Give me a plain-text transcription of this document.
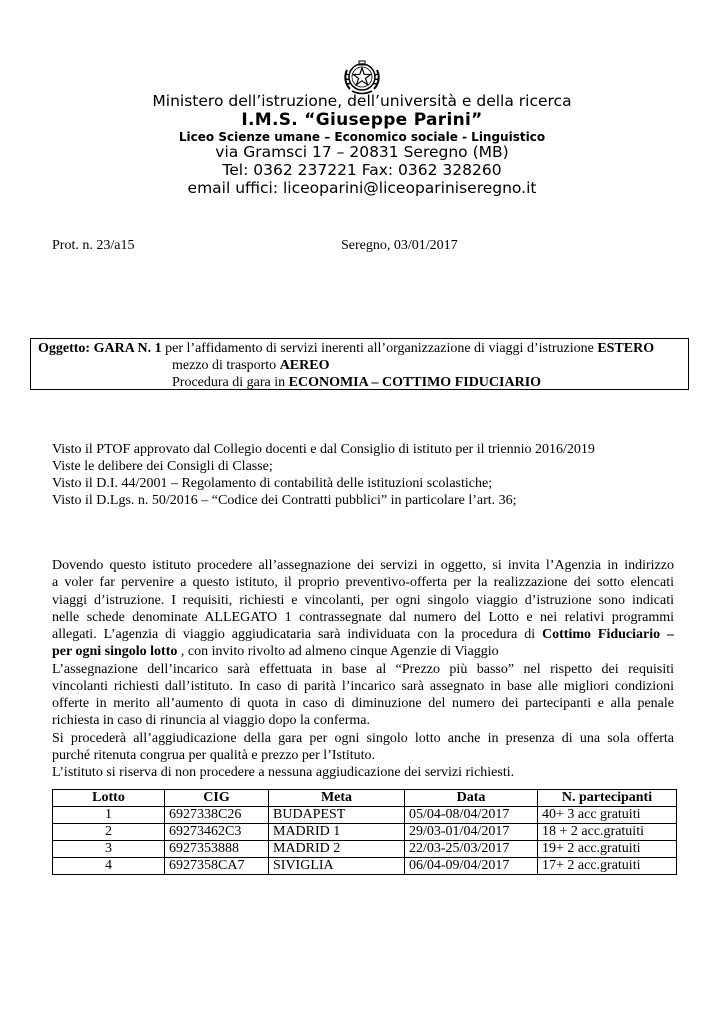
Ministero dell’istruzione, dell’università e della ricerca
I.M.S. “Giuseppe Parini”
Liceo Scienze umane – Economico sociale - Linguistico
via Gramsci 17 – 20831 Seregno (MB)
Tel: 0362 237221 Fax: 0362 328260
email uffici: liceoparini@liceopariniseregno.it
Prot. n. 23/a15	Seregno, 03/01/2017
Oggetto: GARA N. 1 per l’affidamento di servizi inerenti all’organizzazione di viaggi d’istruzione ESTERO
mezzo di trasporto AEREO
Procedura di gara in ECONOMIA – COTTIMO FIDUCIARIO
Visto il PTOF approvato dal Collegio docenti e dal Consiglio di istituto per il triennio 2016/2019
Viste le delibere dei Consigli di Classe;
Visto il D.I. 44/2001 – Regolamento di contabilità delle istituzioni scolastiche;
Visto il D.Lgs. n. 50/2016 – “Codice dei Contratti pubblici” in particolare l’art. 36;
Dovendo questo istituto procedere all’assegnazione dei servizi in oggetto, si invita l’Agenzia in indirizzo
a voler far pervenire a questo istituto, il proprio preventivo-offerta per la realizzazione dei sotto elencati
viaggi d’istruzione. I requisiti, richiesti e vincolanti, per ogni singolo viaggio d’istruzione sono indicati
nelle schede denominate ALLEGATO 1 contrassegnate dal numero del Lotto e nei relativi programmi
allegati. L’agenzia di viaggio aggiudicataria sarà individuata con la procedura di Cottimo Fiduciario –
per ogni singolo lotto , con invito rivolto ad almeno cinque Agenzie di Viaggio
L’assegnazione dell’incarico sarà effettuata in base al “Prezzo più basso” nel rispetto dei requisiti
vincolanti richiesti dall’istituto. In caso di parità l’incarico sarà assegnato in base alle migliori condizioni
offerte in merito all’aumento di quota in caso di diminuzione del numero dei partecipanti e alla penale
richiesta in caso di rinuncia al viaggio dopo la conferma.
Si procederà all’aggiudicazione della gara per ogni singolo lotto anche in presenza di una sola offerta
purché ritenuta congrua per qualità e prezzo per l’Istituto.
L’istituto si riserva di non procedere a nessuna aggiudicazione dei servizi richiesti.
Lotto	CIG	Meta	Data	N. partecipanti
1	6927338C26	BUDAPEST	05/04-08/04/2017	40+ 3 acc gratuiti
2	69273462C3	MADRID 1	29/03-01/04/2017	18 + 2 acc.gratuiti
3	6927353888	MADRID 2	22/03-25/03/2017	19+ 2 acc.gratuiti
4	6927358CA7	SIVIGLIA	06/04-09/04/2017	17+ 2 acc.gratuiti
